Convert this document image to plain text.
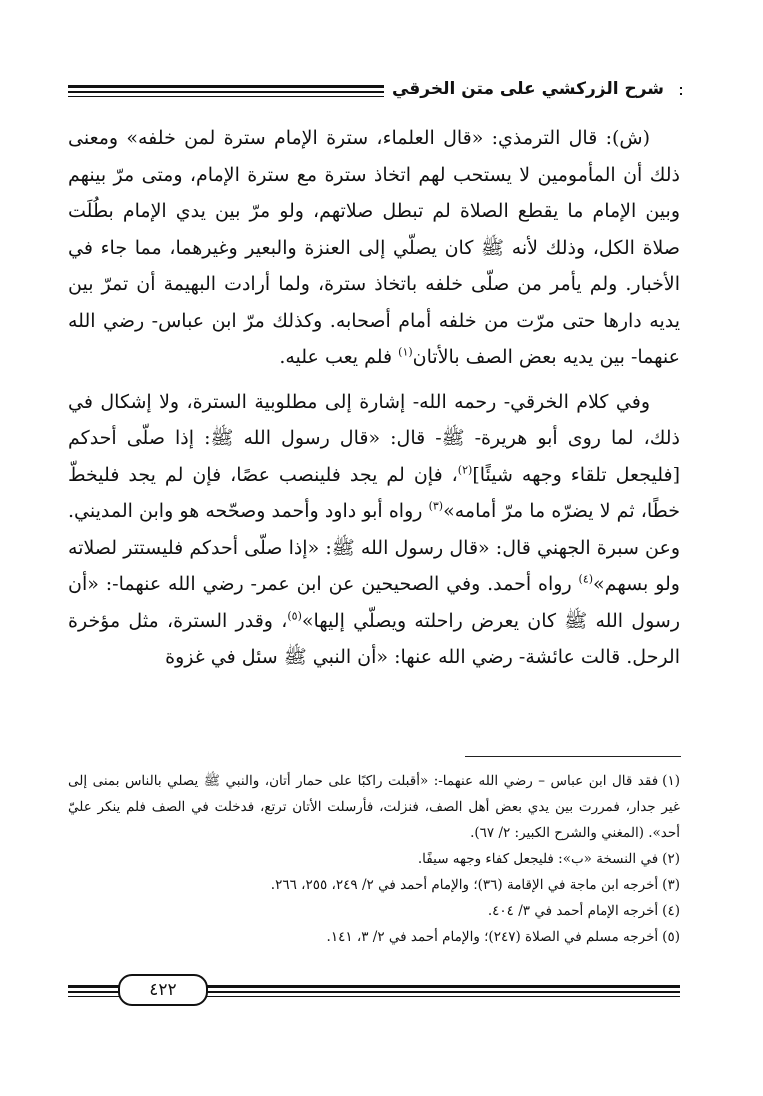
شرح الزركشي على متن الخرقي

(ش): قال الترمذي: «قال العلماء، سترة الإمام سترة لمن خلفه» ومعنى ذلك أن المأمومين لا يستحب لهم اتخاذ سترة مع سترة الإمام، ومتى مرّ بينهم وبين الإمام ما يقطع الصلاة لم تبطل صلاتهم، ولو مرّ بين يدي الإمام بطُلَت صلاة الكل، وذلك لأنه ﷺ كان يصلّي إلى العنزة والبعير وغيرهما، مما جاء في الأخبار. ولم يأمر من صلّى خلفه باتخاذ سترة، ولما أرادت البهيمة أن تمرّ بين يديه دارها حتى مرّت من خلفه أمام أصحابه. وكذلك مرّ ابن عباس- رضي الله عنهما- بين يديه بعض الصف بالأتان$^{(١)}$ فلم يعب عليه.

وفي كلام الخرقي- رحمه الله- إشارة إلى مطلوبية السترة، ولا إشكال في ذلك، لما روى أبو هريرة- ﷺ- قال: «قال رسول الله ﷺ: إذا صلّى أحدكم [فليجعل تلقاء وجهه شيئًا]$^{(٢)}$، فإن لم يجد فلينصب عصًا، فإن لم يجد فليخطّ خطًا، ثم لا يضرّه ما مرّ أمامه»$^{(٣)}$ رواه أبو داود وأحمد وصحّحه هو وابن المديني. وعن سبرة الجهني قال: «قال رسول الله ﷺ: «إذا صلّى أحدكم فليستتر لصلاته ولو بسهم»$^{(٤)}$ رواه أحمد. وفي الصحيحين عن ابن عمر- رضي الله عنهما-: «أن رسول الله ﷺ كان يعرض راحلته ويصلّي إليها»$^{(٥)}$، وقدر السترة، مثل مؤخرة الرحل. قالت عائشة- رضي الله عنها: «أن النبي ﷺ سئل في غزوة

(١)فقد قال ابن عباس – رضي الله عنهما-: «أقبلت راكبًا على حمار أتان، والنبي ﷺ يصلي بالناس بمنى إلى غير جدار، فمررت بين يدي بعض أهل الصف، فنزلت، فأرسلت الأتان ترتع، فدخلت في الصف فلم ينكر عليّ أحد». (المغني والشرح الكبير: ٢/ ٦٧).

(٢)في النسخة «ب»: فليجعل كفاء وجهه سيفًا.

(٣)أخرجه ابن ماجة في الإقامة (٣٦)؛ والإمام أحمد في ٢/ ٢٤٩، ٢٥٥، ٢٦٦.

(٤)أخرجه الإمام أحمد في ٣/ ٤٠٤.

(٥)أخرجه مسلم في الصلاة (٢٤٧)؛ والإمام أحمد في ٢/ ٣، ١٤١.

٤٢٢
